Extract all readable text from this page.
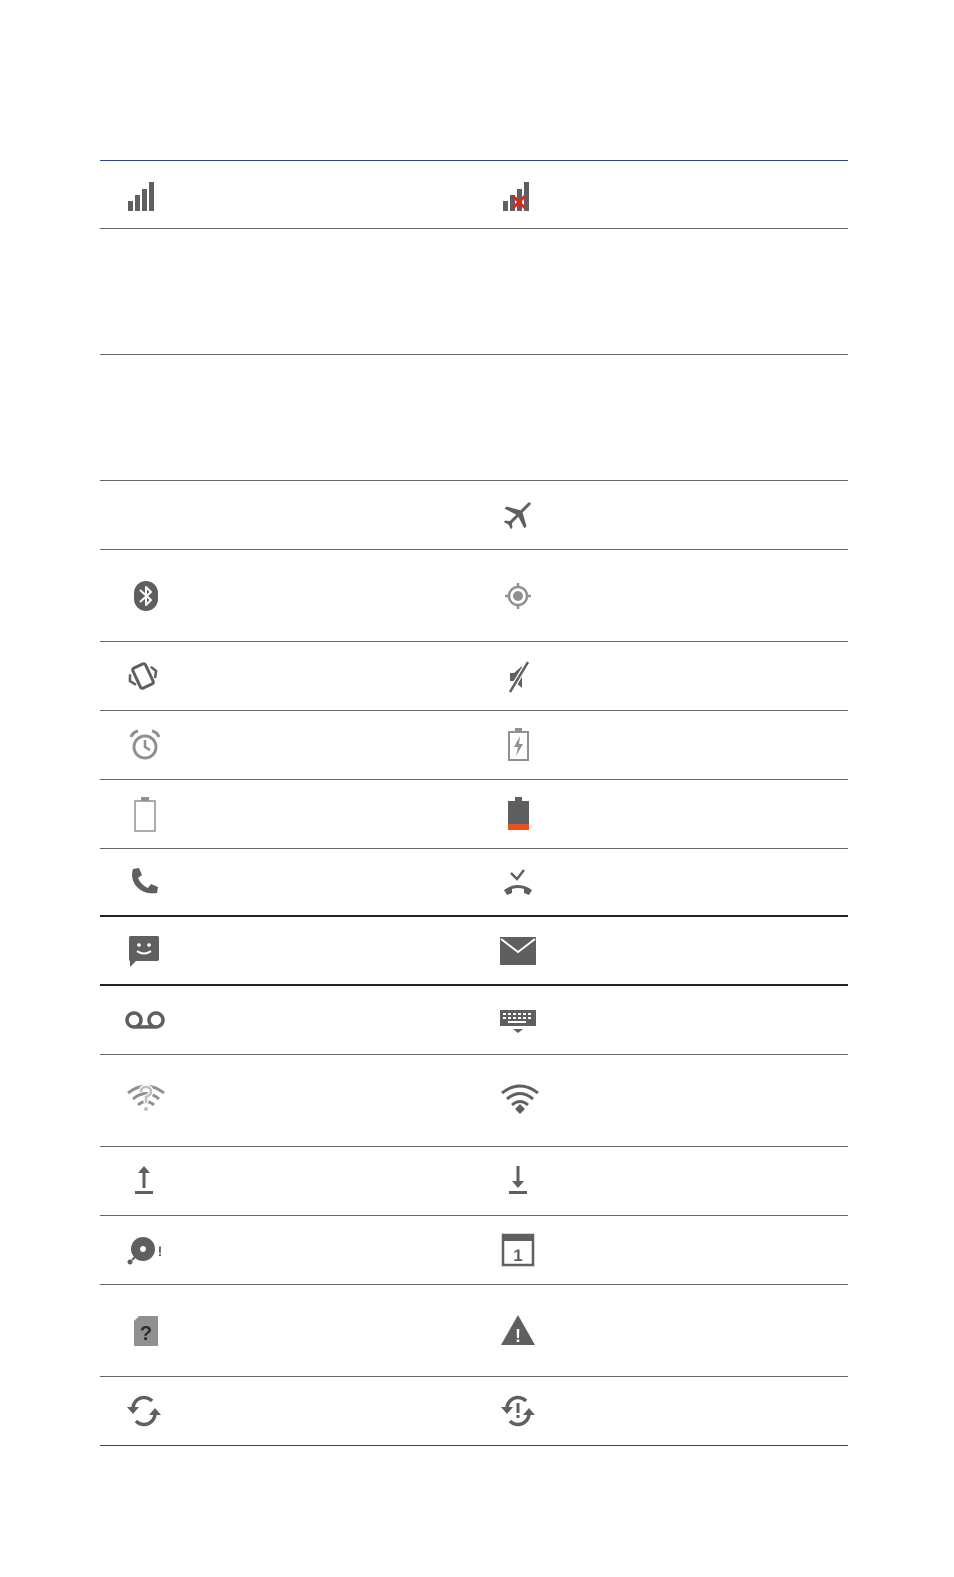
!	1
?	!
